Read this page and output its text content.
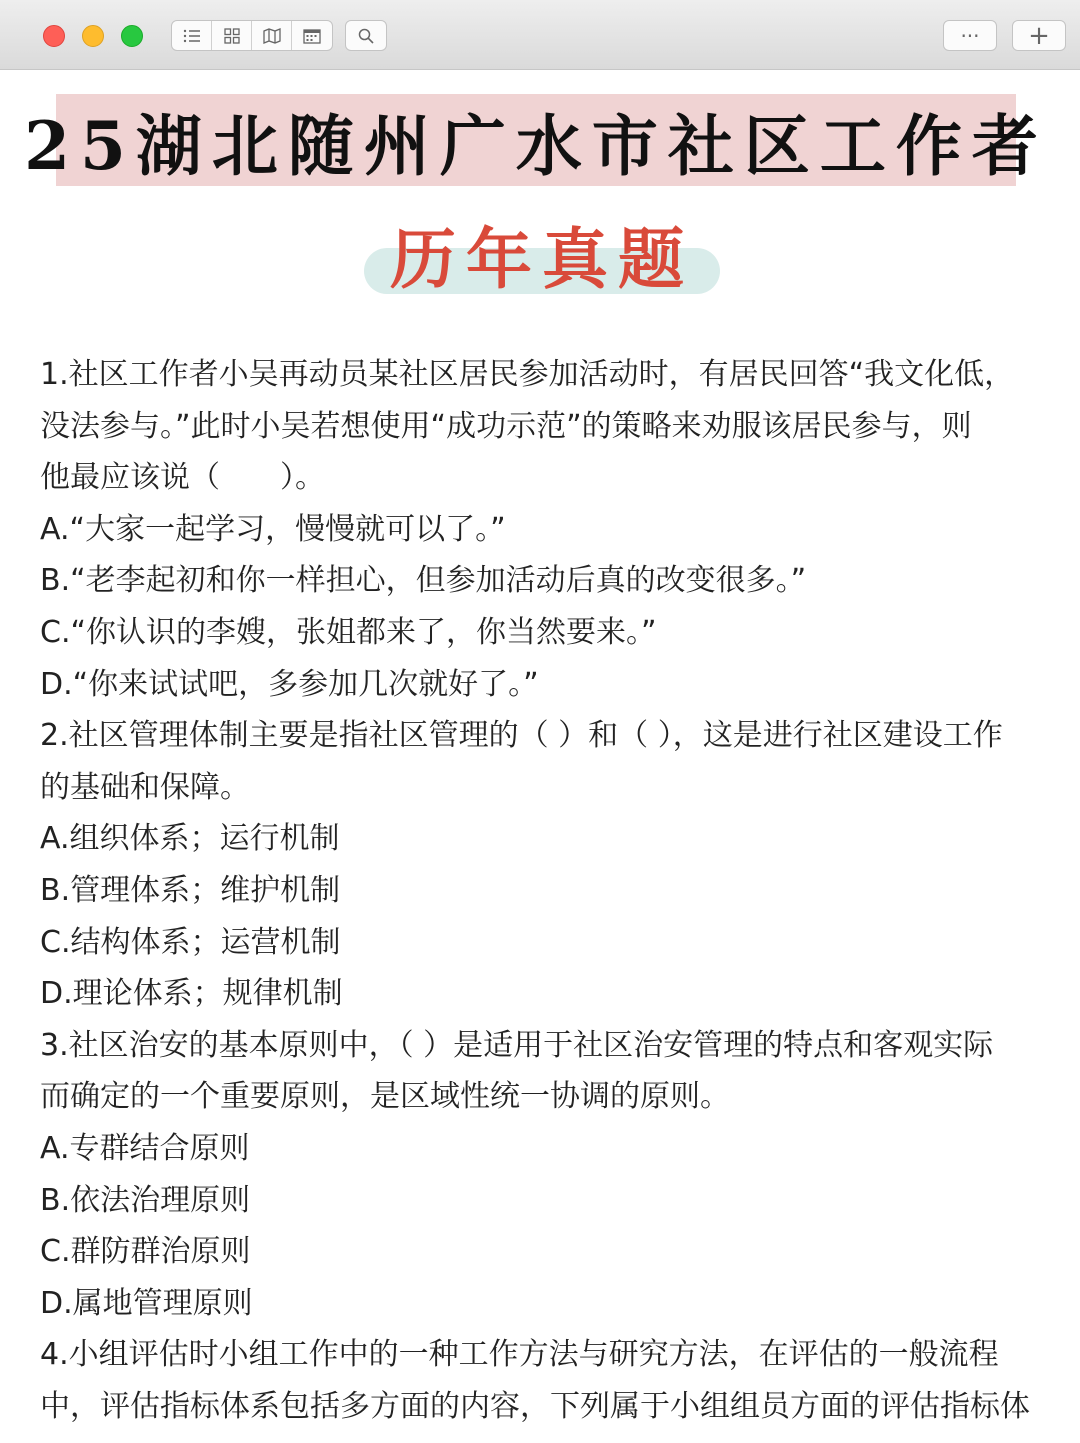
··· +
25湖北随州广水市社区工作者
历年真题

1.社区工作者小吴再动员某社区居民参加活动时，有居民回答“我文化低，

没法参与。”此时小吴若想使用“成功示范”的策略来劝服该居民参与，则

他最应该说（　　）。

A.“大家一起学习，慢慢就可以了。”

B.“老李起初和你一样担心，但参加活动后真的改变很多。”

C.“你认识的李嫂，张姐都来了，你当然要来。”

D.“你来试试吧，多参加几次就好了。”

2.社区管理体制主要是指社区管理的（ ）和（ ），这是进行社区建设工作

的基础和保障。

A.组织体系；运行机制

B.管理体系；维护机制

C.结构体系；运营机制

D.理论体系；规律机制

3.社区治安的基本原则中，（ ）是适用于社区治安管理的特点和客观实际

而确定的一个重要原则，是区域性统一协调的原则。

A.专群结合原则

B.依法治理原则

C.群防群治原则

D.属地管理原则

4.小组评估时小组工作中的一种工作方法与研究方法，在评估的一般流程

中，评估指标体系包括多方面的内容，下列属于小组组员方面的评估指标体
